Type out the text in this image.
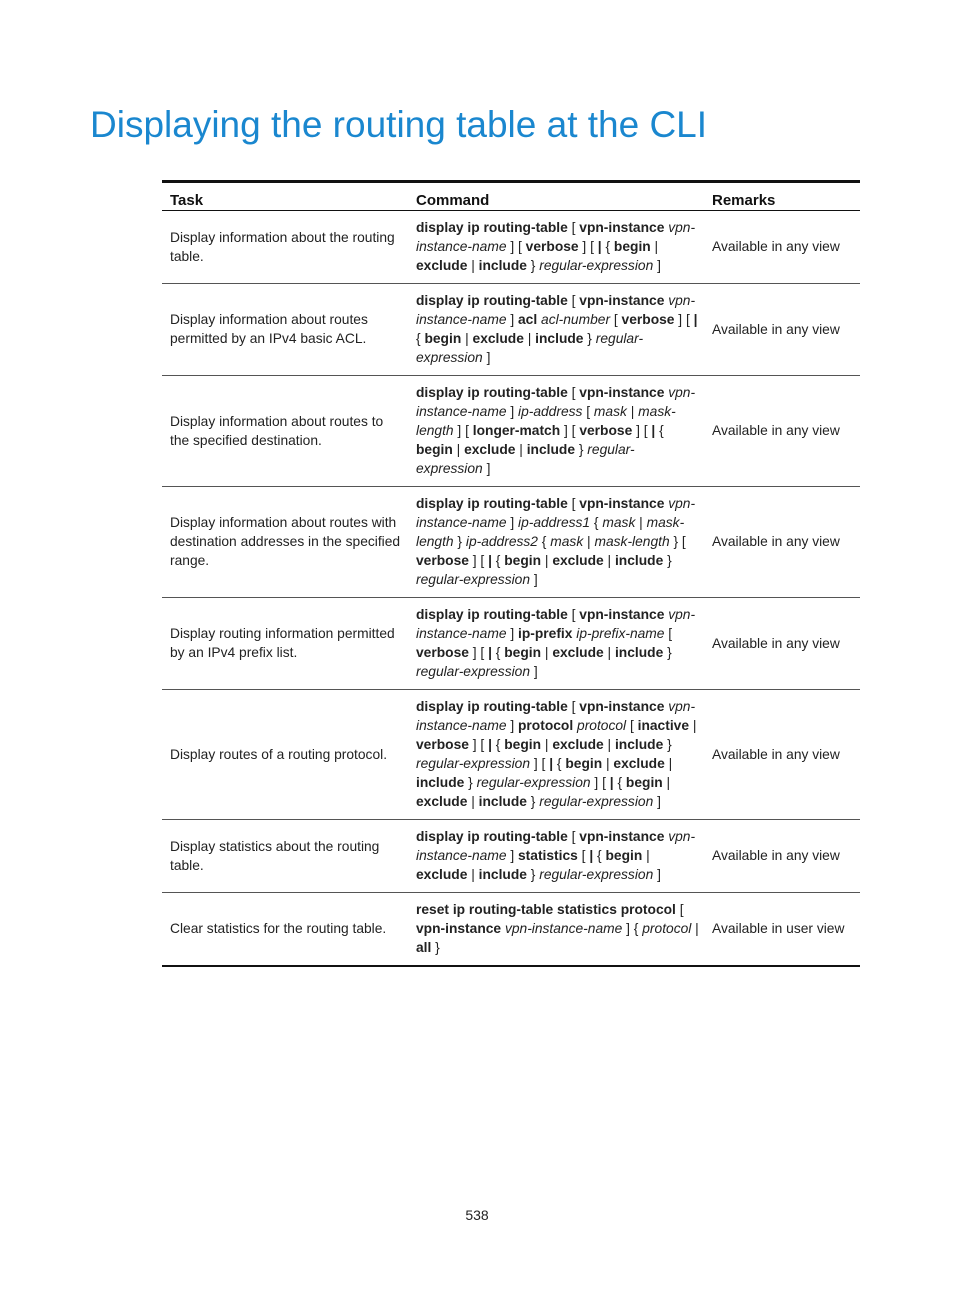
Displaying the routing table at the CLI
Task	Command	Remarks
Display information about the routing table.	display ip routing-table [ vpn-instance vpn-instance-name ] [ verbose ] [ | { begin | exclude | include } regular-expression ]	Available in any view
Display information about routes permitted by an IPv4 basic ACL.	display ip routing-table [ vpn-instance vpn-instance-name ] acl acl-number [ verbose ] [ | { begin | exclude | include } regular-expression ]	Available in any view
Display information about routes to the specified destination.	display ip routing-table [ vpn-instance vpn-instance-name ] ip-address [ mask | mask-length ] [ longer-match ] [ verbose ] [ | { begin | exclude | include } regular-expression ]	Available in any view
Display information about routes with destination addresses in the specified range.	display ip routing-table [ vpn-instance vpn-instance-name ] ip-address1 { mask | mask-length } ip-address2 { mask | mask-length } [ verbose ] [ | { begin | exclude | include } regular-expression ]	Available in any view
Display routing information permitted by an IPv4 prefix list.	display ip routing-table [ vpn-instance vpn-instance-name ] ip-prefix ip-prefix-name [ verbose ] [ | { begin | exclude | include } regular-expression ]	Available in any view
Display routes of a routing protocol.	display ip routing-table [ vpn-instance vpn-instance-name ] protocol protocol [ inactive | verbose ] [ | { begin | exclude | include } regular-expression ] [ | { begin | exclude | include } regular-expression ] [ | { begin | exclude | include } regular-expression ]	Available in any view
Display statistics about the routing table.	display ip routing-table [ vpn-instance vpn-instance-name ] statistics [ | { begin | exclude | include } regular-expression ]	Available in any view
Clear statistics for the routing table.	reset ip routing-table statistics protocol [ vpn-instance vpn-instance-name ] { protocol | all }	Available in user view
538
